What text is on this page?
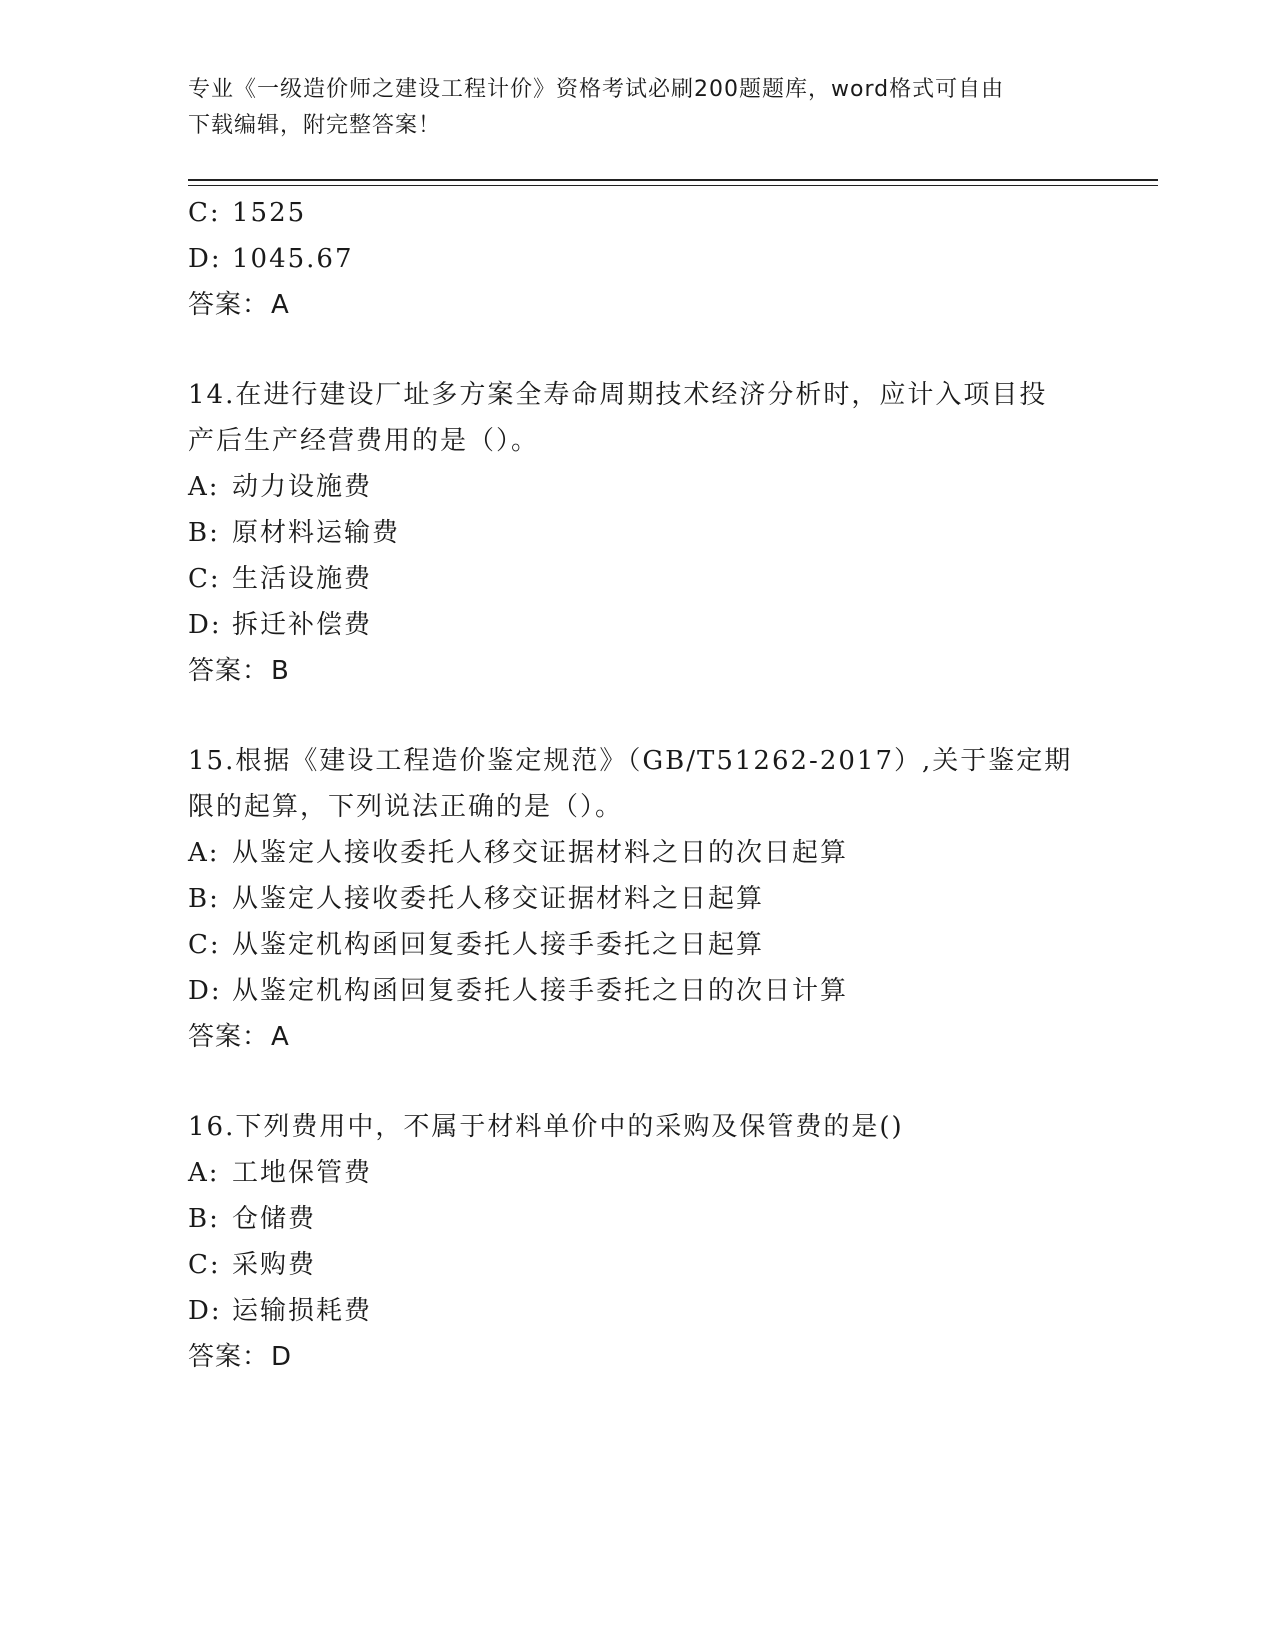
专业《一级造价师之建设工程计价》资格考试必刷200题题库，word格式可自由
下载编辑，附完整答案！
C: 1525
D: 1045.67
答案：A
14.在进行建设厂址多方案全寿命周期技术经济分析时，应计入项目投
产后生产经营费用的是（）。
A: 动力设施费
B: 原材料运输费
C: 生活设施费
D: 拆迁补偿费
答案：B
15.根据《建设工程造价鉴定规范》（GB/T51262-2017）,关于鉴定期
限的起算，下列说法正确的是（）。
A: 从鉴定人接收委托人移交证据材料之日的次日起算
B: 从鉴定人接收委托人移交证据材料之日起算
C: 从鉴定机构函回复委托人接手委托之日起算
D: 从鉴定机构函回复委托人接手委托之日的次日计算
答案：A
16.下列费用中，不属于材料单价中的采购及保管费的是()
A: 工地保管费
B: 仓储费
C: 采购费
D: 运输损耗费
答案：D
